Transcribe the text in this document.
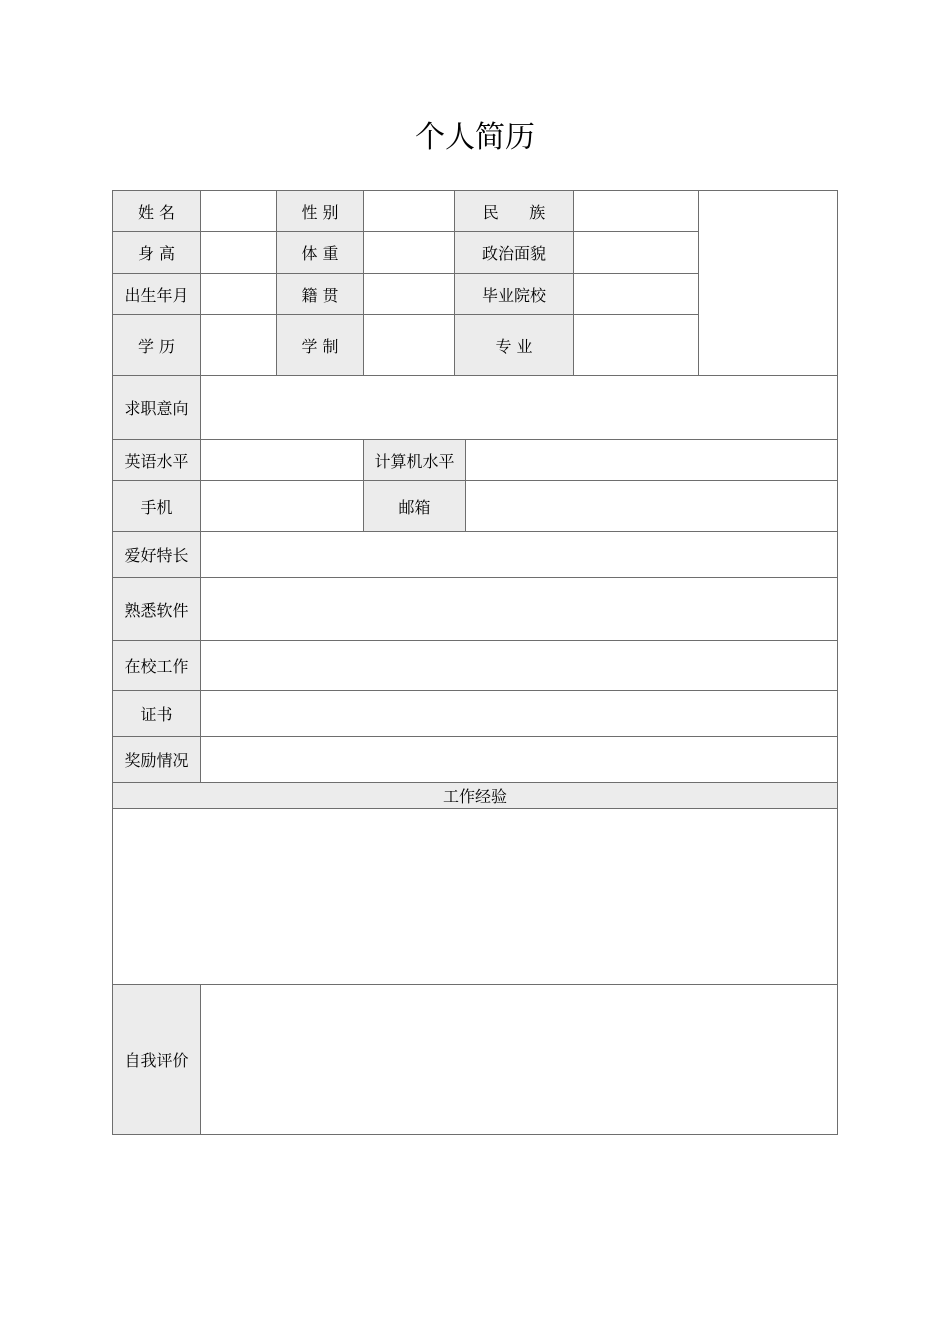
个人简历
姓 名	性 别	民      族
身 高	体 重	政治面貌
出生年月	籍 贯	毕业院校
学 历	学 制	专 业
求职意向
英语水平	计算机水平
手机	邮箱
爱好特长
熟悉软件
在校工作
证书
奖励情况
工作经验
自我评价
